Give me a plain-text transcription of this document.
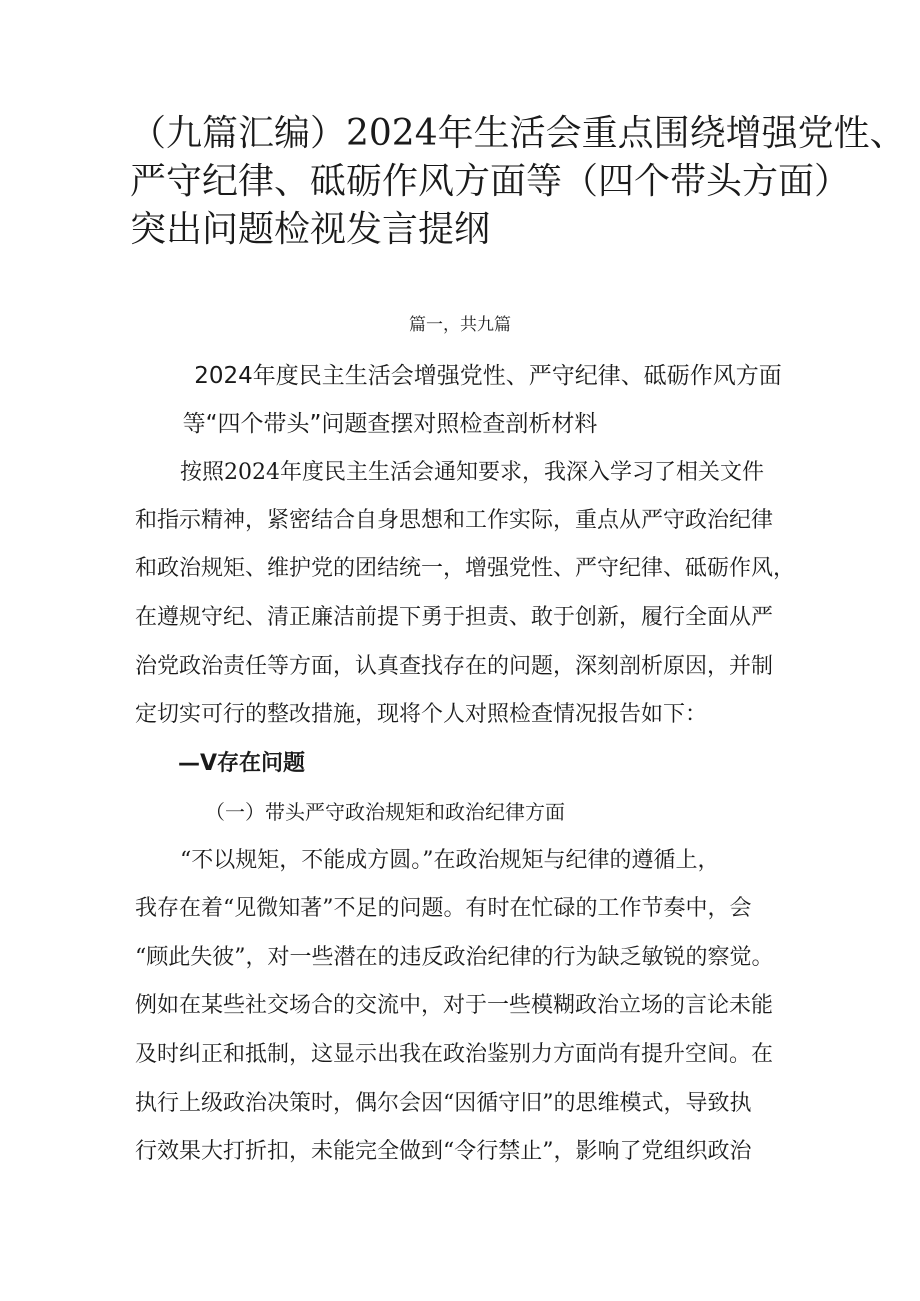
（九篇汇编）2024年生活会重点围绕增强党性、
严守纪律、砥砺作风方面等（四个带头方面）
突出问题检视发言提纲
篇一，共九篇
2024年度民主生活会增强党性、严守纪律、砥砺作风方面
等“四个带头”问题查摆对照检查剖析材料
按照2024年度民主生活会通知要求，我深入学习了相关文件
和指示精神，紧密结合自身思想和工作实际，重点从严守政治纪律
和政治规矩、维护党的团结统一，增强党性、严守纪律、砥砺作风，
在遵规守纪、清正廉洁前提下勇于担责、敢于创新，履行全面从严
治党政治责任等方面，认真查找存在的问题，深刻剖析原因，并制
定切实可行的整改措施，现将个人对照检查情况报告如下：
—V存在问题
（一）带头严守政治规矩和政治纪律方面
“不以规矩，不能成方圆。”在政治规矩与纪律的遵循上，
我存在着“见微知著”不足的问题。有时在忙碌的工作节奏中，会
“顾此失彼”，对一些潜在的违反政治纪律的行为缺乏敏锐的察觉。
例如在某些社交场合的交流中，对于一些模糊政治立场的言论未能
及时纠正和抵制，这显示出我在政治鉴别力方面尚有提升空间。在
执行上级政治决策时，偶尔会因“因循守旧”的思维模式，导致执
行效果大打折扣，未能完全做到“令行禁止”，影响了党组织政治
